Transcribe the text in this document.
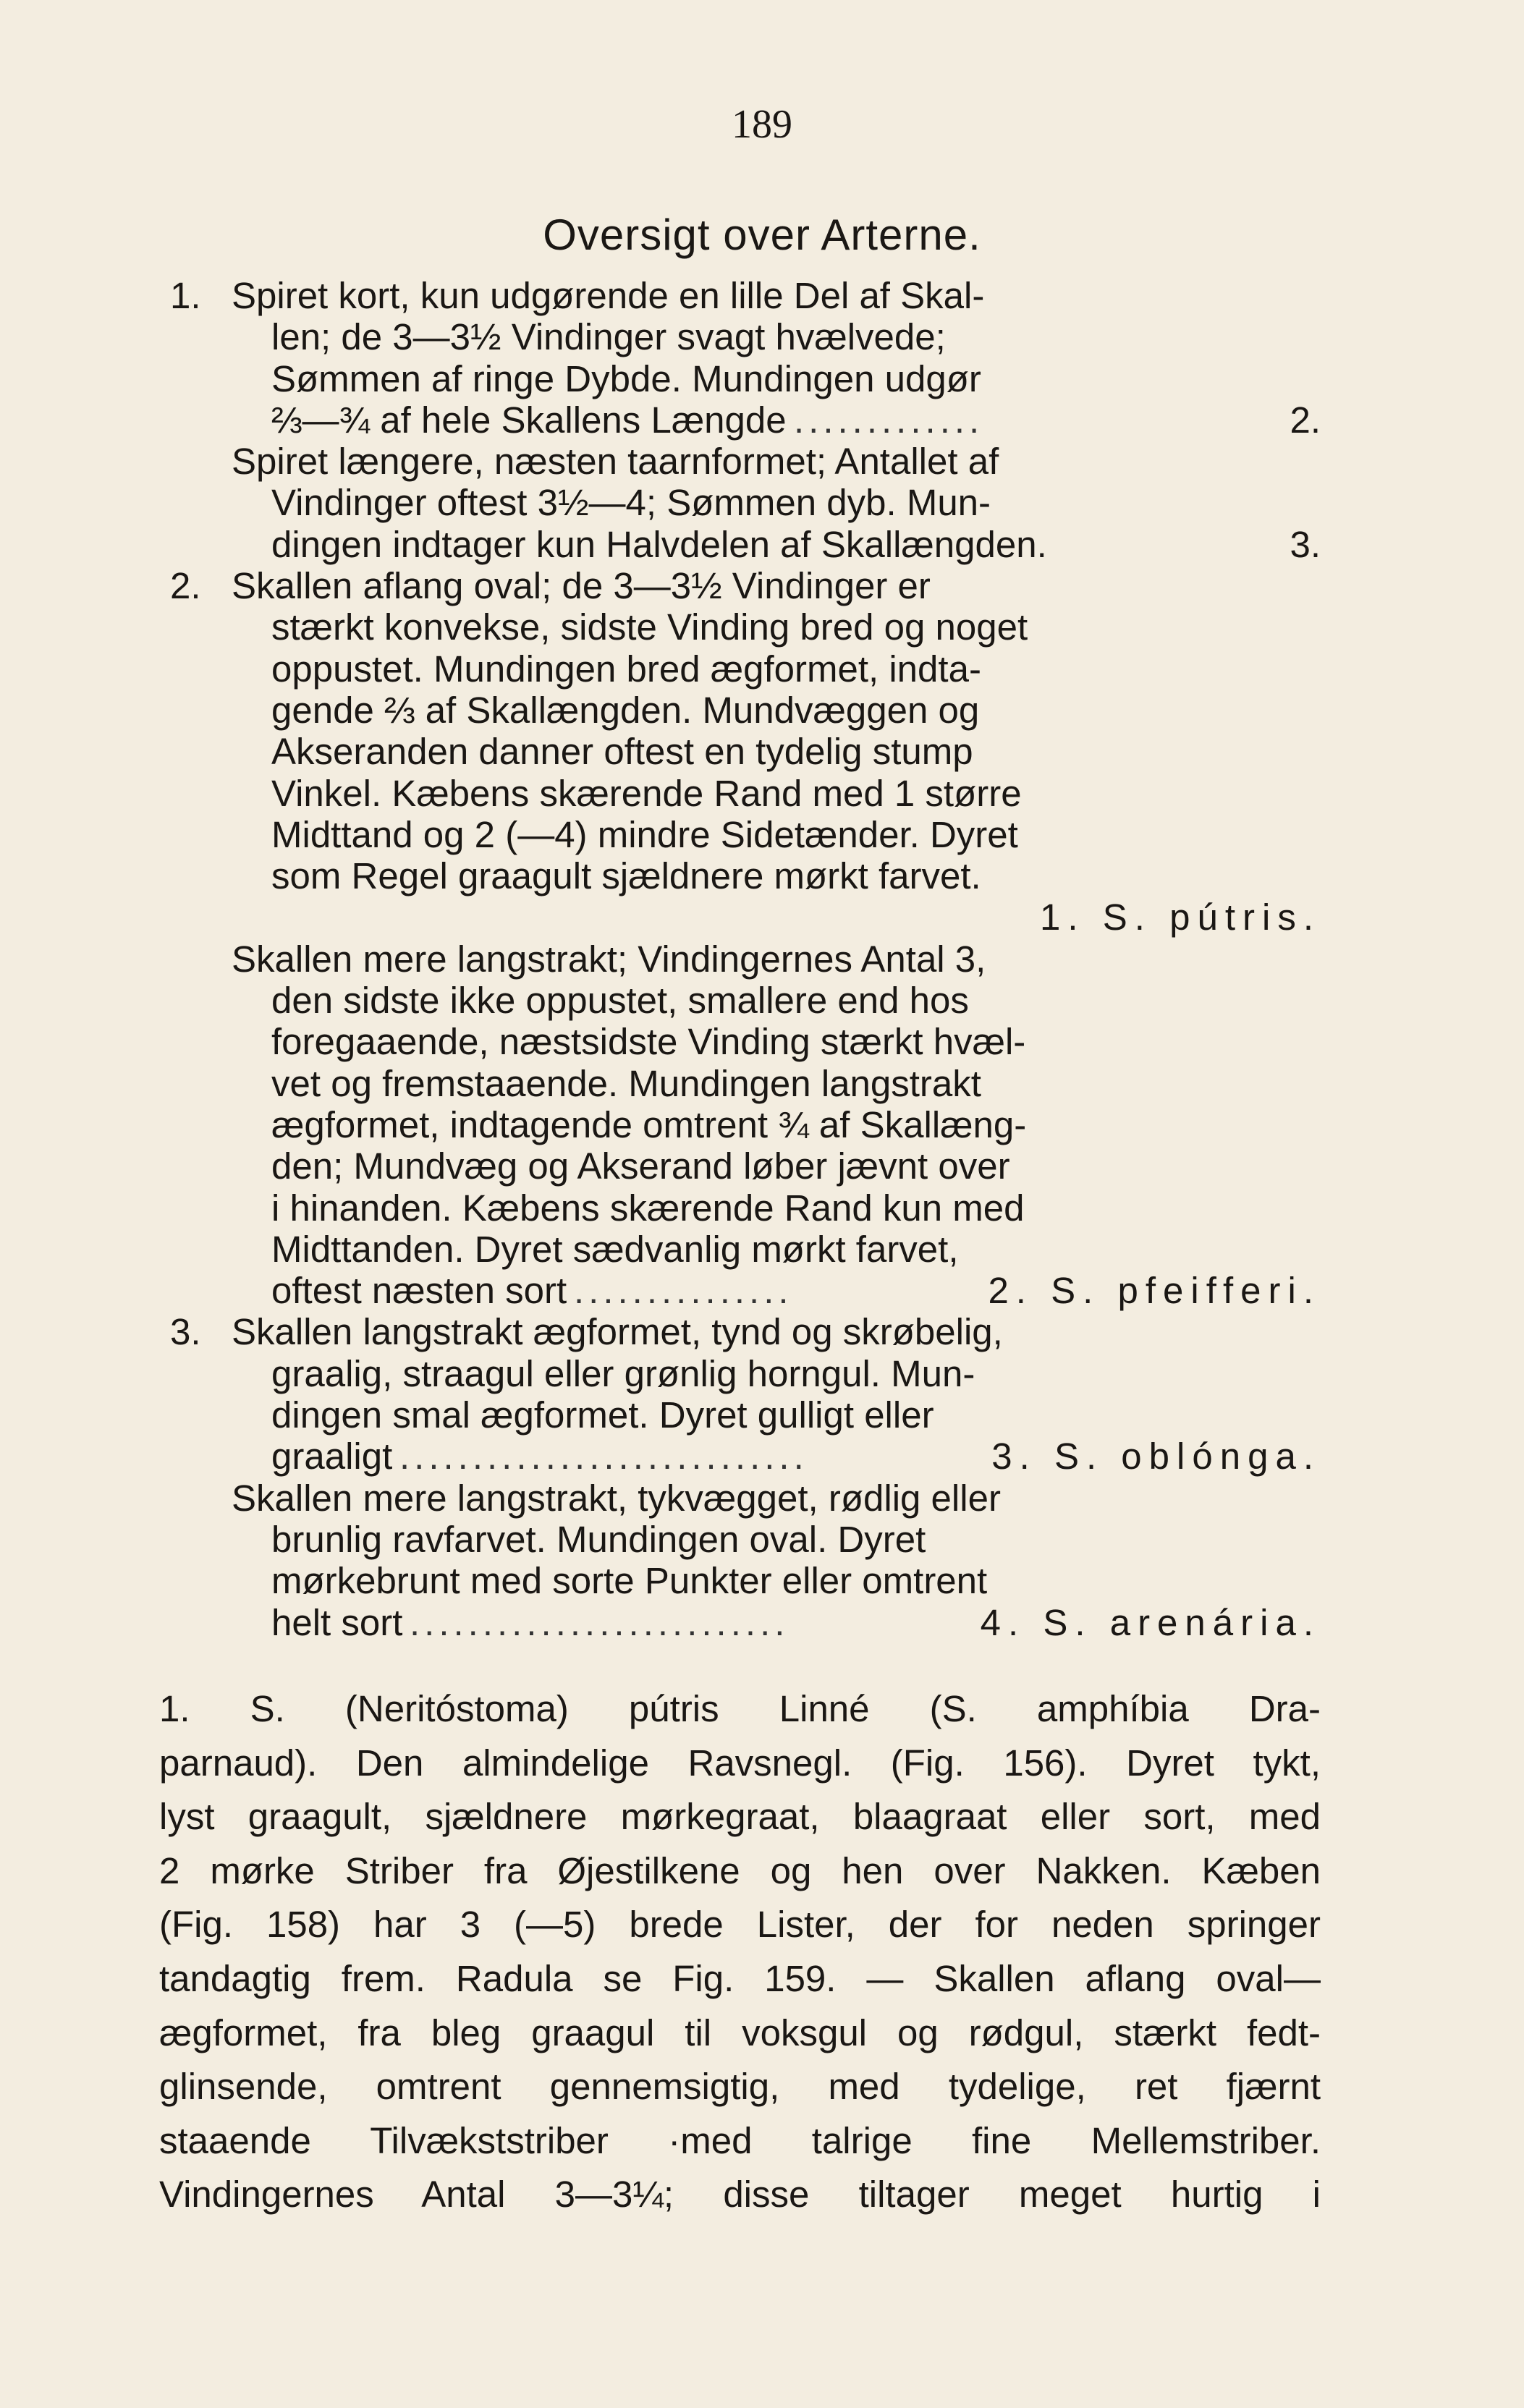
189
Oversigt over Arterne.
1. Spiret kort, kun udgørende en lille Del af Skal-
len; de 3—3½ Vindinger svagt hvælvede;
Sømmen af ringe Dybde. Mundingen udgør
⅔—¾ af hele Skallens Længde .............	2.
Spiret længere, næsten taarnformet; Antallet af
Vindinger oftest 3½—4; Sømmen dyb. Mun-
dingen indtager kun Halvdelen af Skallængden.	3.
2. Skallen aflang oval; de 3—3½ Vindinger er
stærkt konvekse, sidste Vinding bred og noget
oppustet. Mundingen bred ægformet, indta-
gende ⅔ af Skallængden. Mundvæggen og
Akseranden danner oftest en tydelig stump
Vinkel. Kæbens skærende Rand med 1 større
Midttand og 2 (—4) mindre Sidetænder. Dyret
som Regel graagult sjældnere mørkt farvet.
1. S. pútris.
Skallen mere langstrakt; Vindingernes Antal 3,
den sidste ikke oppustet, smallere end hos
foregaaende, næstsidste Vinding stærkt hvæl-
vet og fremstaaende. Mundingen langstrakt
ægformet, indtagende omtrent ¾ af Skallæng-
den; Mundvæg og Akserand løber jævnt over
i hinanden. Kæbens skærende Rand kun med
Midttanden. Dyret sædvanlig mørkt farvet,
oftest næsten sort ...............	2. S. pfeifferi.
3. Skallen langstrakt ægformet, tynd og skrøbelig,
graalig, straagul eller grønlig horngul. Mun-
dingen smal ægformet. Dyret gulligt eller
graaligt ............................	3. S. oblónga.
Skallen mere langstrakt, tykvægget, rødlig eller
brunlig ravfarvet. Mundingen oval. Dyret
mørkebrunt med sorte Punkter eller omtrent
helt sort ..........................	4. S. arenária.
1. S. (Neritóstoma) pútris Linné (S. amphíbia Dra-
parnaud). Den almindelige Ravsnegl. (Fig. 156). Dyret tykt,
lyst graagult, sjældnere mørkegraat, blaagraat eller sort, med
2 mørke Striber fra Øjestilkene og hen over Nakken. Kæben
(Fig. 158) har 3 (—5) brede Lister, der for neden springer
tandagtig frem. Radula se Fig. 159. — Skallen aflang oval—
ægformet, fra bleg graagul til voksgul og rødgul, stærkt fedt-
glinsende, omtrent gennemsigtig, med tydelige, ret fjærnt
staaende Tilvækststriber ·med talrige fine Mellemstriber.
Vindingernes Antal 3—3¼; disse tiltager meget hurtig i
